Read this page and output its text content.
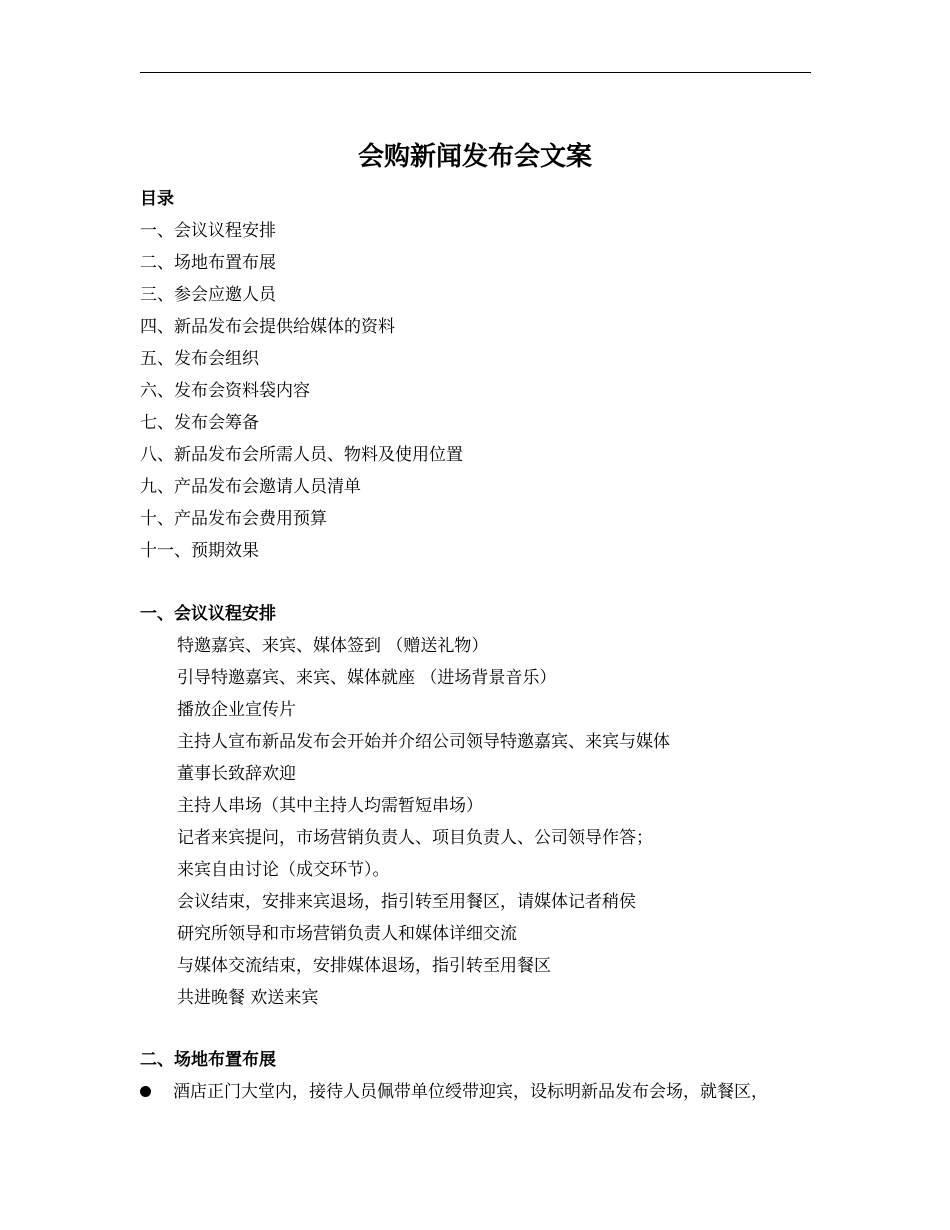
会购新闻发布会文案
目录
一、会议议程安排
二、场地布置布展
三、参会应邀人员
四、新品发布会提供给媒体的资料
五、发布会组织
六、发布会资料袋内容
七、发布会筹备
八、新品发布会所需人员、物料及使用位置
九、产品发布会邀请人员清单
十、产品发布会费用预算
十一、预期效果
一、会议议程安排
特邀嘉宾、来宾、媒体签到 （赠送礼物）
引导特邀嘉宾、来宾、媒体就座 （进场背景音乐）
播放企业宣传片
主持人宣布新品发布会开始并介绍公司领导特邀嘉宾、来宾与媒体
董事长致辞欢迎
主持人串场（其中主持人均需暂短串场）
记者来宾提问，市场营销负责人、项目负责人、公司领导作答；
来宾自由讨论（成交环节）。
会议结束，安排来宾退场，指引转至用餐区，请媒体记者稍侯
研究所领导和市场营销负责人和媒体详细交流
与媒体交流结束，安排媒体退场，指引转至用餐区
共进晚餐 欢送来宾
二、场地布置布展
酒店正门大堂内，接待人员佩带单位绶带迎宾，设标明新品发布会场，就餐区，
